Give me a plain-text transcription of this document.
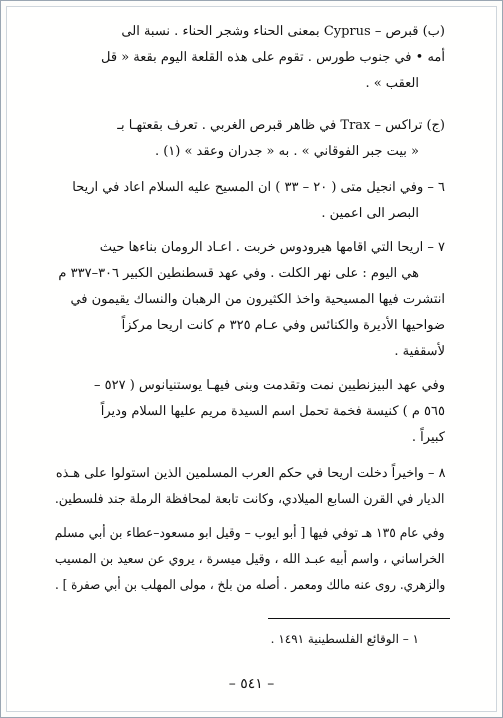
(ب) قبرص – Cyprus بمعنى الحناء وشجر الحناء . نسبة الى
أمه • في جنوب طورس . تقوم على هذه القلعة اليوم بقعة « قل
العقب » .
(ج) تراكس – Trax في ظاهر قبرص الغربي . تعرف بقعتهـا بـ
« بيت جبر الفوقاني » . به « جدران وعقد » (١) .
٦ – وفي انجيل متى ( ٢٠ – ٣٣ ) ان المسيح عليه السلام اعاد في اريحا
البصر الى اعمين .
٧ – اريحا التي اقامها هيرودوس خربت . اعـاد الرومان بناءها حيث
هي اليوم : على نهر الكلت . وفي عهد قسطنطين الكبير ٣٠٦–٣٣٧ م
انتشرت فيها المسيحية واخذ الكثيرون من الرهبان والنساك يقيمون في
ضواحيها الأديرة والكنائس وفي عـام ٣٢٥ م كانت اريحا مركزاً
لأسقفية .
وفي عهد البيزنطيين نمت وتقدمت وبنى فيهـا يوستنيانوس ( ٥٢٧ –
٥٦٥ م ) كنيسة فخمة تحمل اسم السيدة مريم عليها السلام وديراً
كبيراً .
٨ – واخيراً دخلت اريحا في حكم العرب المسلمين الذين استولوا على هـذه
الديار في القرن السابع الميلادي، وكانت تابعة لمحافظة الرملة جند فلسطين.
وفي عام ١٣٥ هـ توفي فيها [ أبو ايوب – وقيل ابو مسعود–عطاء بن أبي مسلم
الخراساني ، واسم أبيه عبـد الله ، وقيل ميسرة ، يروي عن سعيد بن المسيب
والزهري. روى عنه مالك ومعمر . أصله من بلخ ، مولى المهلب بن أبي صفرة ] .
١ – الوقائع الفلسطينية ١٤٩١ .
– ٥٤١ –
